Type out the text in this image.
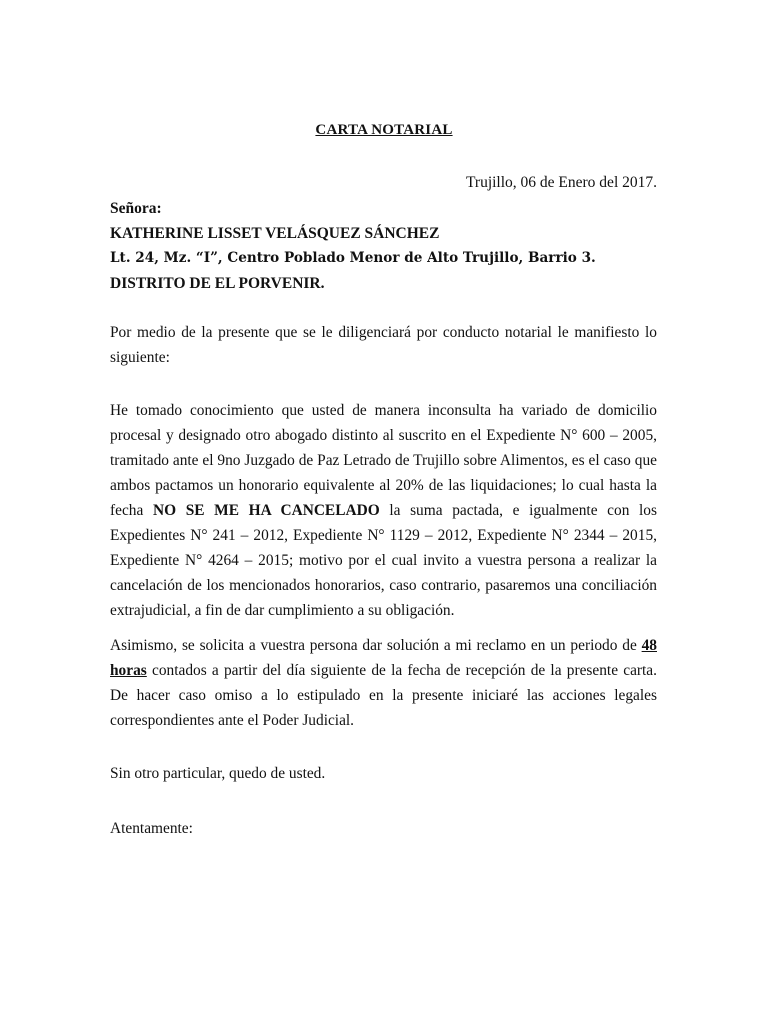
CARTA NOTARIAL
Trujillo, 06 de Enero del 2017.
Señora:
KATHERINE LISSET VELÁSQUEZ SÁNCHEZ
Lt. 24, Mz. “I”, Centro Poblado Menor de Alto Trujillo, Barrio 3.
DISTRITO DE EL PORVENIR.

Por medio de la presente que se le diligenciará por conducto notarial le manifiesto lo siguiente:

He tomado conocimiento que usted de manera inconsulta ha variado de domicilio procesal y designado otro abogado distinto al suscrito en el Expediente N° 600 – 2005, tramitado ante el 9no Juzgado de Paz Letrado de Trujillo sobre Alimentos, es el caso que ambos pactamos un honorario equivalente al 20% de las liquidaciones; lo cual hasta la fecha NO SE ME HA CANCELADO la suma pactada, e igualmente con los Expedientes N° 241 – 2012, Expediente N° 1129 – 2012, Expediente N° 2344 – 2015, Expediente N° 4264 – 2015; motivo por el cual invito a vuestra persona a realizar la cancelación de los mencionados honorarios, caso contrario, pasaremos una conciliación extrajudicial, a fin de dar cumplimiento a su obligación.

Asimismo, se solicita a vuestra persona dar solución a mi reclamo en un periodo de 48 horas contados a partir del día siguiente de la fecha de recepción de la presente carta. De hacer caso omiso a lo estipulado en la presente iniciaré las acciones legales correspondientes ante el Poder Judicial.

Sin otro particular, quedo de usted.

Atentamente:
